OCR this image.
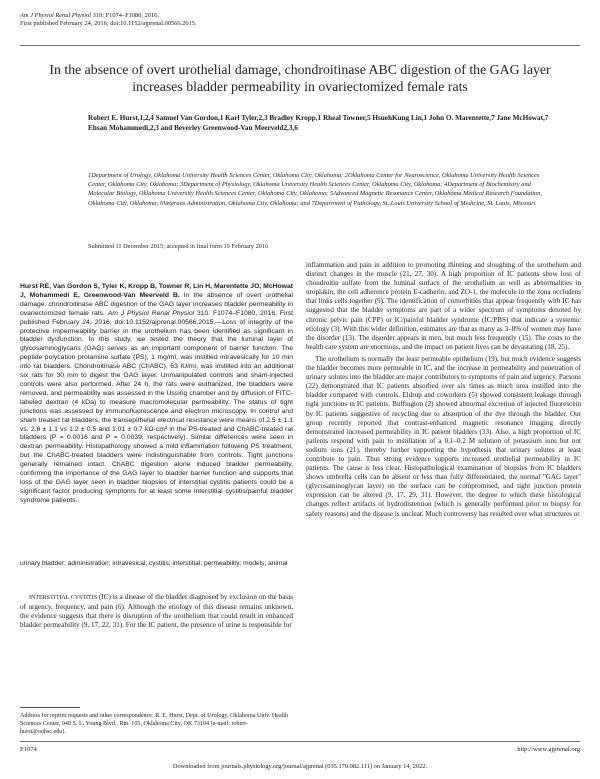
Am J Physiol Renal Physiol 310: F1074–F1080, 2016.
First published February 24, 2016; doi:10.1152/ajprenal.00566.2015.
In the absence of overt urothelial damage, chondroitinase ABC digestion of the GAG layer increases bladder permeability in ovariectomized female rats
Robert E. Hurst,1,2,4 Samuel Van Gordon,1 Karl Tyler,2,3 Bradley Kropp,1 Rheal Towner,5 HsuehKung Lin,1 John O. Marentette,7 Jane McHowat,7 Ehsan Mohammedi,2,3 and Beverley Greenwood-Van Meerveld2,3,6
1Department of Urology, Oklahoma University Health Sciences Center, Oklahoma City, Oklahoma; 2Oklahoma Center for Neuroscience, Oklahoma University Health Sciences Center, Oklahoma City, Oklahoma; 3Department of Physiology, Oklahoma University Health Sciences Center, Oklahoma City, Oklahoma; 4Department of Biochemistry and Molecular Biology, Oklahoma University Health Sciences Center, Oklahoma City, Oklahoma; 5Advanced Magnetic Resonance Center, Oklahoma Medical Research Foundation, Oklahoma City, Oklahoma; 6Veterans Administration, Oklahoma City, Oklahoma; and 7Department of Pathology, St. Louis University School of Medicine, St. Louis, Missouri
Submitted 11 December 2015; accepted in final form 19 February 2016
Hurst RE, Van Gordon S, Tyler K, Kropp B, Towner R, Lin H, Marentette JO, McHowat J, Mohammedi E, Greenwood-Van Meerveld B. In the absence of overt urothelial damage, chondroitinase ABC digestion of the GAG layer increases bladder permeability in ovariectomized female rats. Am J Physiol Renal Physiol 310: F1074–F1080, 2016. First published February 24, 2016; doi:10.1152/ajprenal.00566.2015.—Loss of integrity of the protective impermeability barrier in the urothelium has been identified as significant in bladder dysfunction. In this study, we tested the theory that the luminal layer of glycosaminoglycans (GAG) serves as an important component of barrier function. The peptide polycation protamine sulfate (PS), 1 mg/ml, was instilled intravesically for 10 min into rat bladders. Chondroitinase ABC (ChABC), 63 IU/ml, was instilled into an additional six rats for 30 min to digest the GAG layer. Unmanipulated controls and sham-injected controls were also performed. After 24 h, the rats were euthanized, the bladders were removed, and permeability was assessed in the Ussing chamber and by diffusion of FITC-labeled dextran (4 kDa) to measure macromolecular permeability. The status of tight junctions was assessed by immunofluorescence and electron microscopy. In control and sham treated rat bladders, the transepithelial electrical resistance were means of 2.5 ± 1.1 vs. 2.6 ± 1.1 vs 1.2 ± 0.5 and 1.01 ± 0.7 kΩ·cm² in the PS-treated and ChABC-treated rat bladders (P = 0.0016 and P = 0.0039, respectively). Similar differences were seen in dextran permeability. Histopathology showed a mild inflammation following PS treatment, but the ChABC-treated bladders were indistinguishable from controls. Tight junctions generally remained intact. ChABC digestion alone induced bladder permeability, confirming the importance of the GAG layer to bladder barrier function and supports that loss of the GAG layer seen in bladder biopsies of interstitial cystitis patients could be a significant factor producing symptoms for at least some interstitial cystitis/painful bladder syndrome patients.
urinary bladder; administration; intravesical; cystitis; interstitial; permeability; models; animal
INTERSTITIAL CYSTITIS (IC) is a disease of the bladder diagnosed by exclusion on the basis of urgency, frequency, and pain (6). Although the etiology of this disease remains unknown, the evidence suggests that there is disruption of the urothelium that could result in enhanced bladder permeability (9, 17, 22, 31). For the IC patient, the presence of urine is responsible for
Address for reprint requests and other correspondence: R. E. Hurst, Dept. of Urology, Oklahoma Univ. Health Sciences Center, 940 S. L. Young Blvd., Rm. 105, Oklahoma City, OK 73104 (e-mail: robert-hurst@ouhsc.edu).

inflammation and pain in addition to promoting thinning and sloughing of the urothelium and distinct changes in the muscle (21, 27, 30). A high proportion of IC patients show loss of chondroitin sulfate from the luminal surface of the urothelium as well as abnormalities in uroplakin, the cell adherence protein E-cadherin, and ZO-1, the molecule in the zona occludens that links cells together (9). The identification of comorbities that appear frequently with IC has suggested that the bladder symptoms are part of a wider spectrum of symptoms denoted by chronic pelvic pain (CPP) or IC/painful bladder syndrome (IC/PBS) that indicate a systemic etiology (3). With this wider definition, estimates are that as many as 3–8% of women may have the disorder (13). The disorder appears in men, but much less frequently (15). The costs to the health care system are enormous, and the impact on patient lives can be devastating (18, 25).

The urothelium is normally the least permeable epithelium (19), but much evidence suggests the bladder becomes more permeable in IC, and the increase in permeability and penetration of urinary solutes into the bladder are major contributors to symptoms of pain and urgency. Parsons (22) demonstrated that IC patients absorbed over six times as much urea instilled into the bladder compared with controls. Eldrup and coworkers (5) showed consistent leakage through tight junctions in IC patients. Buffington (2) showed abnormal excretion of injected fluorescein by IC patients suggestive of recycling due to absorption of the dye through the bladder. Our group recently reported that contrast-enhanced magnetic resonance imaging directly demonstrated increased permeability in IC patient bladders (33). Also, a high proportion of IC patients respond with pain to instillation of a 0.1–0.2 M solution of potassium ions but not sodium ions (21), thereby further supporting the hypothesis that urinary solutes at least contribute to pain. Thus strong evidence supports increased urothelial permeability in IC patients. The cause is less clear. Histopathological examination of biopsies from IC bladders shows umbrella cells can be absent or less than fully differentiated, the normal "GAG layer" (glycosaminoglycan layer) on the surface can be compromised, and tight junction protein expression can be altered (9, 17, 29, 31). However, the degree to which these histological changes reflect artifacts of hydrodistention (which is generally performed prior to biopsy for safety reasons) and the disease is unclear. Much controversy has resulted over what structures or

F1074	http://www.ajprenal.org
Downloaded from journals.physiology.org/journal/ajprenal (035.170.082.111) on January 14, 2022.
